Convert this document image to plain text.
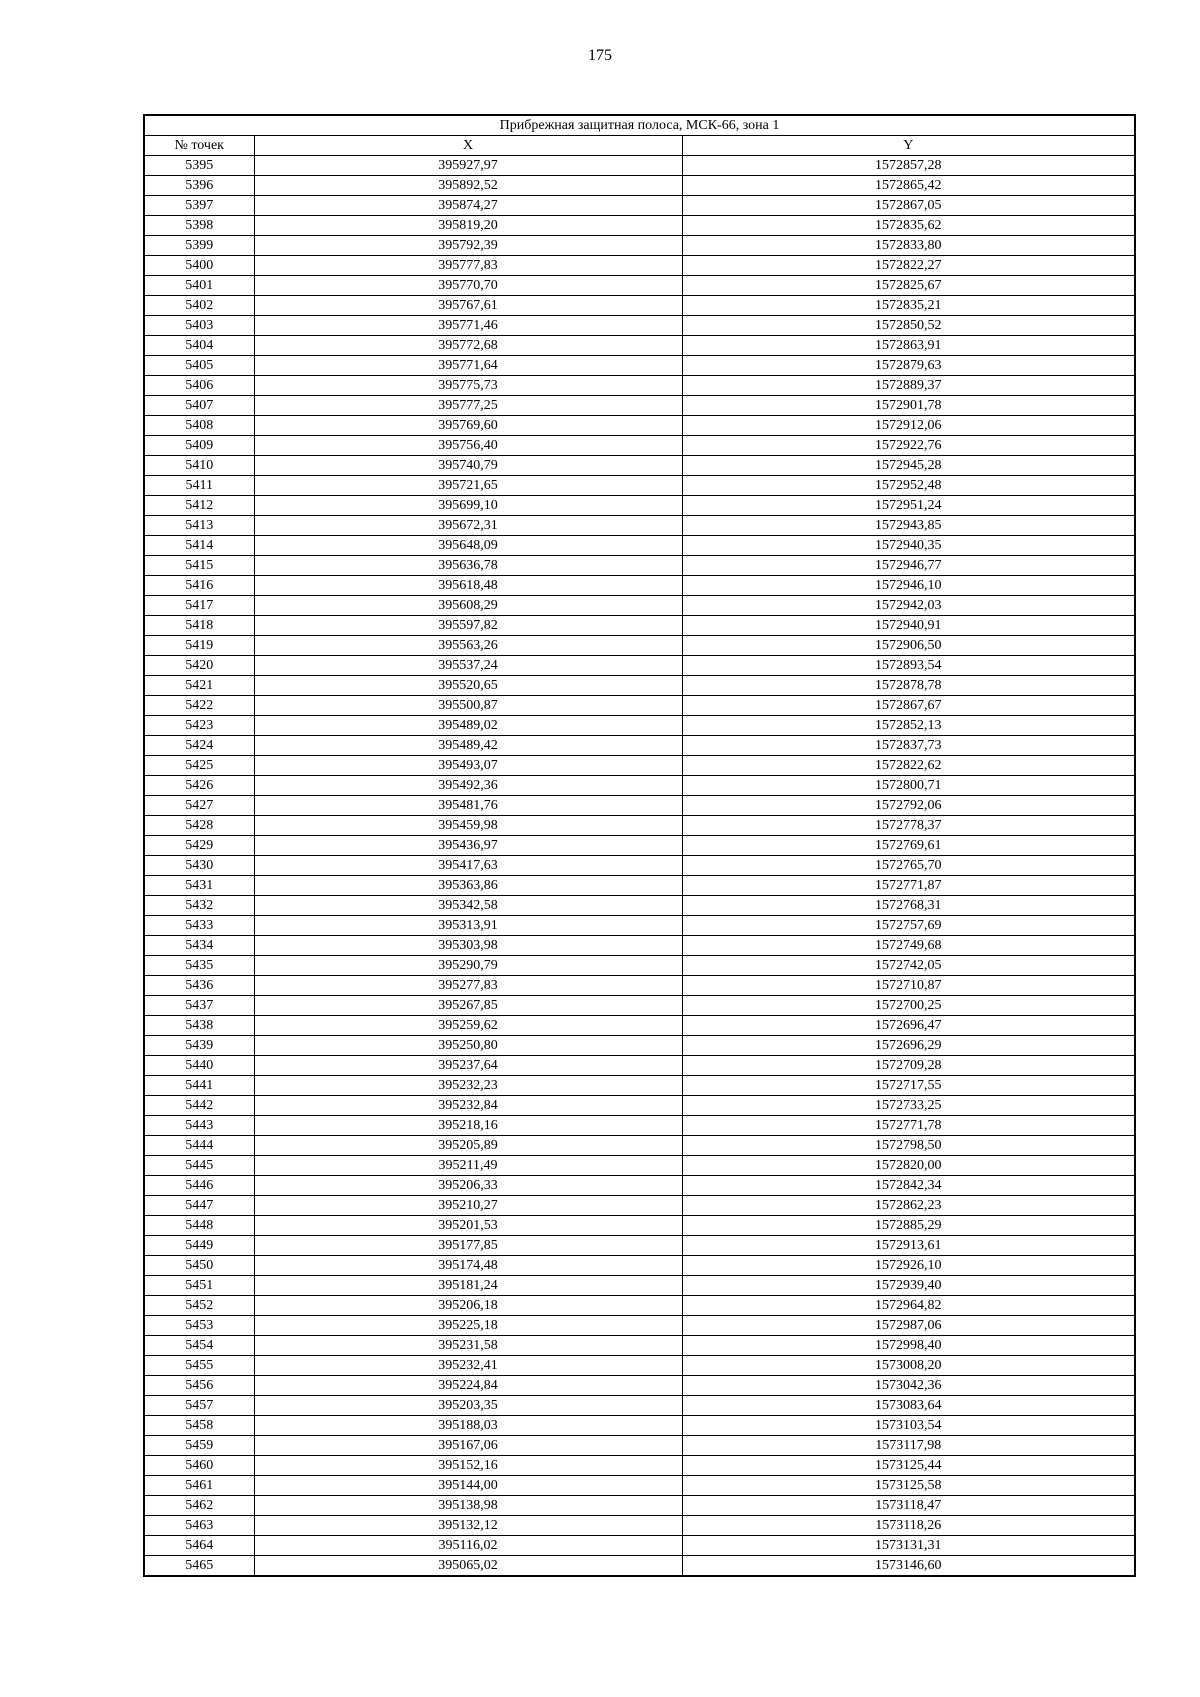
175
Прибрежная защитная полоса, МСК-66, зона 1		
№ точек	X	Y
5395	395927,97	1572857,28
5396	395892,52	1572865,42
5397	395874,27	1572867,05
5398	395819,20	1572835,62
5399	395792,39	1572833,80
5400	395777,83	1572822,27
5401	395770,70	1572825,67
5402	395767,61	1572835,21
5403	395771,46	1572850,52
5404	395772,68	1572863,91
5405	395771,64	1572879,63
5406	395775,73	1572889,37
5407	395777,25	1572901,78
5408	395769,60	1572912,06
5409	395756,40	1572922,76
5410	395740,79	1572945,28
5411	395721,65	1572952,48
5412	395699,10	1572951,24
5413	395672,31	1572943,85
5414	395648,09	1572940,35
5415	395636,78	1572946,77
5416	395618,48	1572946,10
5417	395608,29	1572942,03
5418	395597,82	1572940,91
5419	395563,26	1572906,50
5420	395537,24	1572893,54
5421	395520,65	1572878,78
5422	395500,87	1572867,67
5423	395489,02	1572852,13
5424	395489,42	1572837,73
5425	395493,07	1572822,62
5426	395492,36	1572800,71
5427	395481,76	1572792,06
5428	395459,98	1572778,37
5429	395436,97	1572769,61
5430	395417,63	1572765,70
5431	395363,86	1572771,87
5432	395342,58	1572768,31
5433	395313,91	1572757,69
5434	395303,98	1572749,68
5435	395290,79	1572742,05
5436	395277,83	1572710,87
5437	395267,85	1572700,25
5438	395259,62	1572696,47
5439	395250,80	1572696,29
5440	395237,64	1572709,28
5441	395232,23	1572717,55
5442	395232,84	1572733,25
5443	395218,16	1572771,78
5444	395205,89	1572798,50
5445	395211,49	1572820,00
5446	395206,33	1572842,34
5447	395210,27	1572862,23
5448	395201,53	1572885,29
5449	395177,85	1572913,61
5450	395174,48	1572926,10
5451	395181,24	1572939,40
5452	395206,18	1572964,82
5453	395225,18	1572987,06
5454	395231,58	1572998,40
5455	395232,41	1573008,20
5456	395224,84	1573042,36
5457	395203,35	1573083,64
5458	395188,03	1573103,54
5459	395167,06	1573117,98
5460	395152,16	1573125,44
5461	395144,00	1573125,58
5462	395138,98	1573118,47
5463	395132,12	1573118,26
5464	395116,02	1573131,31
5465	395065,02	1573146,60
